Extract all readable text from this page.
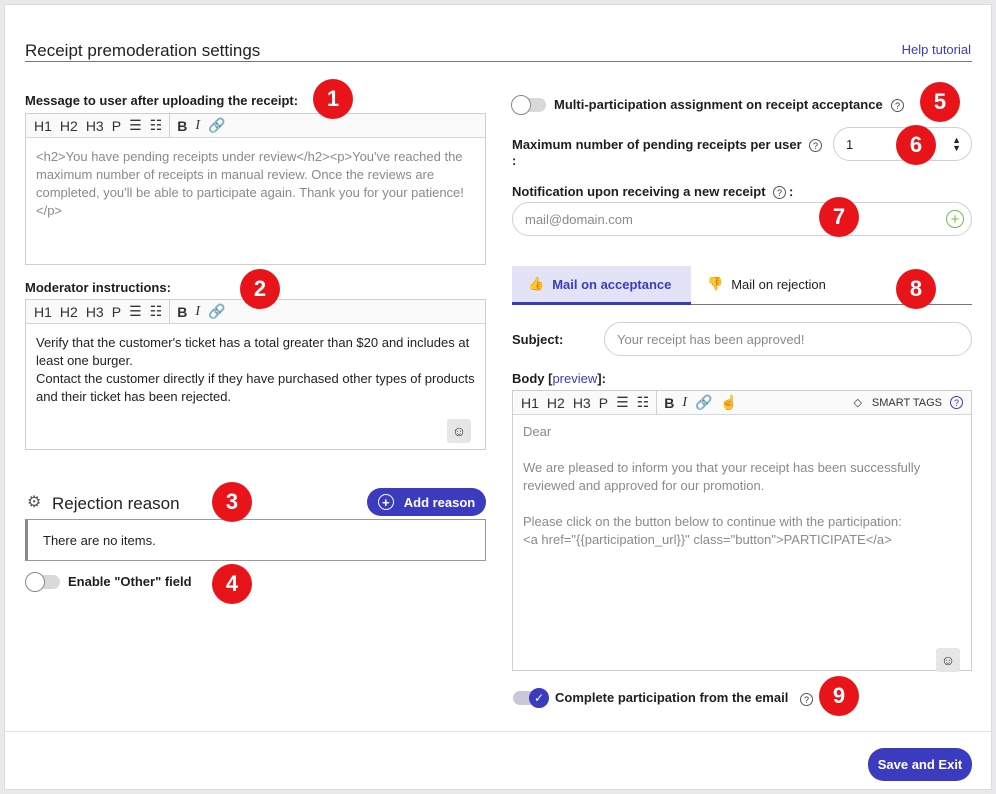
Receipt premoderation settings	Help tutorial
Message to user after uploading the receipt:
H1 H2 H3 P ☰ ☷	B I 🔗
<h2>You have pending receipts under review</h2><p>You've reached the maximum number of receipts in manual review. Once the reviews are completed, you'll be able to participate again. Thank you for your patience!</p>
Moderator instructions:
H1 H2 H3 P ☰ ☷	B I 🔗
Verify that the customer's ticket has a total greater than $20 and includes at least one burger.
Contact the customer directly if they have purchased other types of products and their ticket has been rejected.
☺
⚙ Rejection reason	+	Add reason
There are no items.
Enable "Other" field
Multi-participation assignment on receipt acceptance	?
Maximum number of pending receipts per user	?
:
1	▲
▼
Notification upon receiving a new receipt	? :
mail@domain.com	+
👍 Mail on acceptance	👎 Mail on rejection
Subject:	Your receipt has been approved!
Body [preview]:
H1 H2 H3 P ☰ ☷	B I 🔗 ☝	◇ SMART TAGS	?
Dear
We are pleased to inform you that your receipt has been successfully reviewed and approved for our promotion.
Please click on the button below to continue with the participation:
<a href="{{participation_url}}" class="button">PARTICIPATE</a>
☺
✓ Complete participation from the email	?
Save and Exit
1
2
3
4
5
6
7
8
9
